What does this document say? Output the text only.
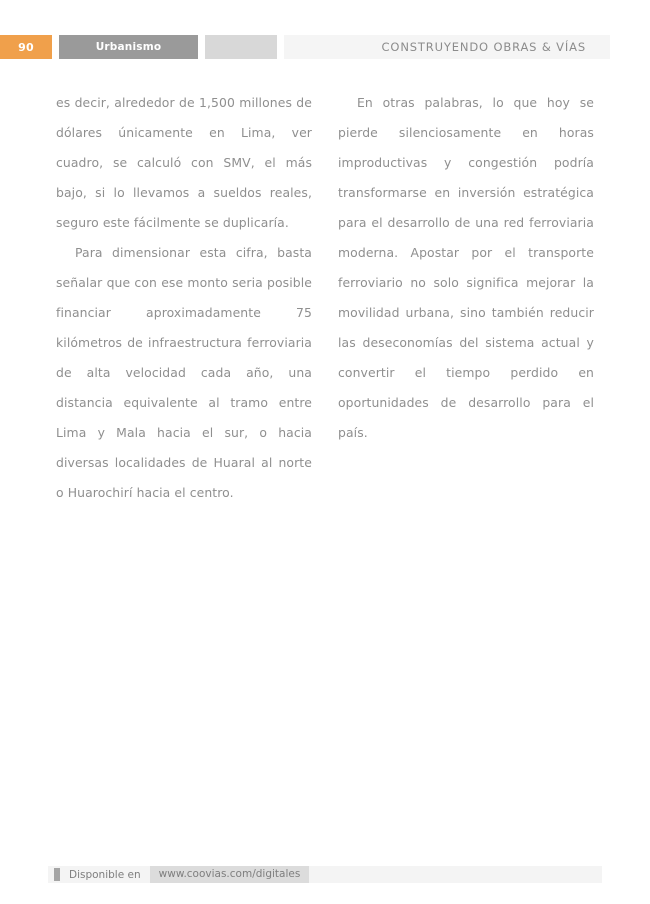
90	Urbanismo	CONSTRUYENDO OBRAS & VÍAS

es decir, alrededor de 1,500 millones de dólares únicamente en Lima, ver cuadro, se calculó con SMV, el más bajo, si lo llevamos a sueldos reales, seguro este fácilmente se duplicaría.

Para dimensionar esta cifra, basta señalar que con ese monto seria posible financiar aproximadamente 75 kilómetros de infraestructura ferroviaria de alta velocidad cada año, una distancia equivalente al tramo entre Lima y Mala hacia el sur, o hacia diversas localidades de Huaral al norte o Huarochirí hacia el centro.

En otras palabras, lo que hoy se pierde silenciosamente en horas improductivas y congestión podría transformarse en inversión estratégica para el desarrollo de una red ferroviaria moderna. Apostar por el transporte ferroviario no solo significa mejorar la movilidad urbana, sino también reducir las deseconomías del sistema actual y convertir el tiempo perdido en oportunidades de desarrollo para el país.

Disponible en	www.coovias.com/digitales
